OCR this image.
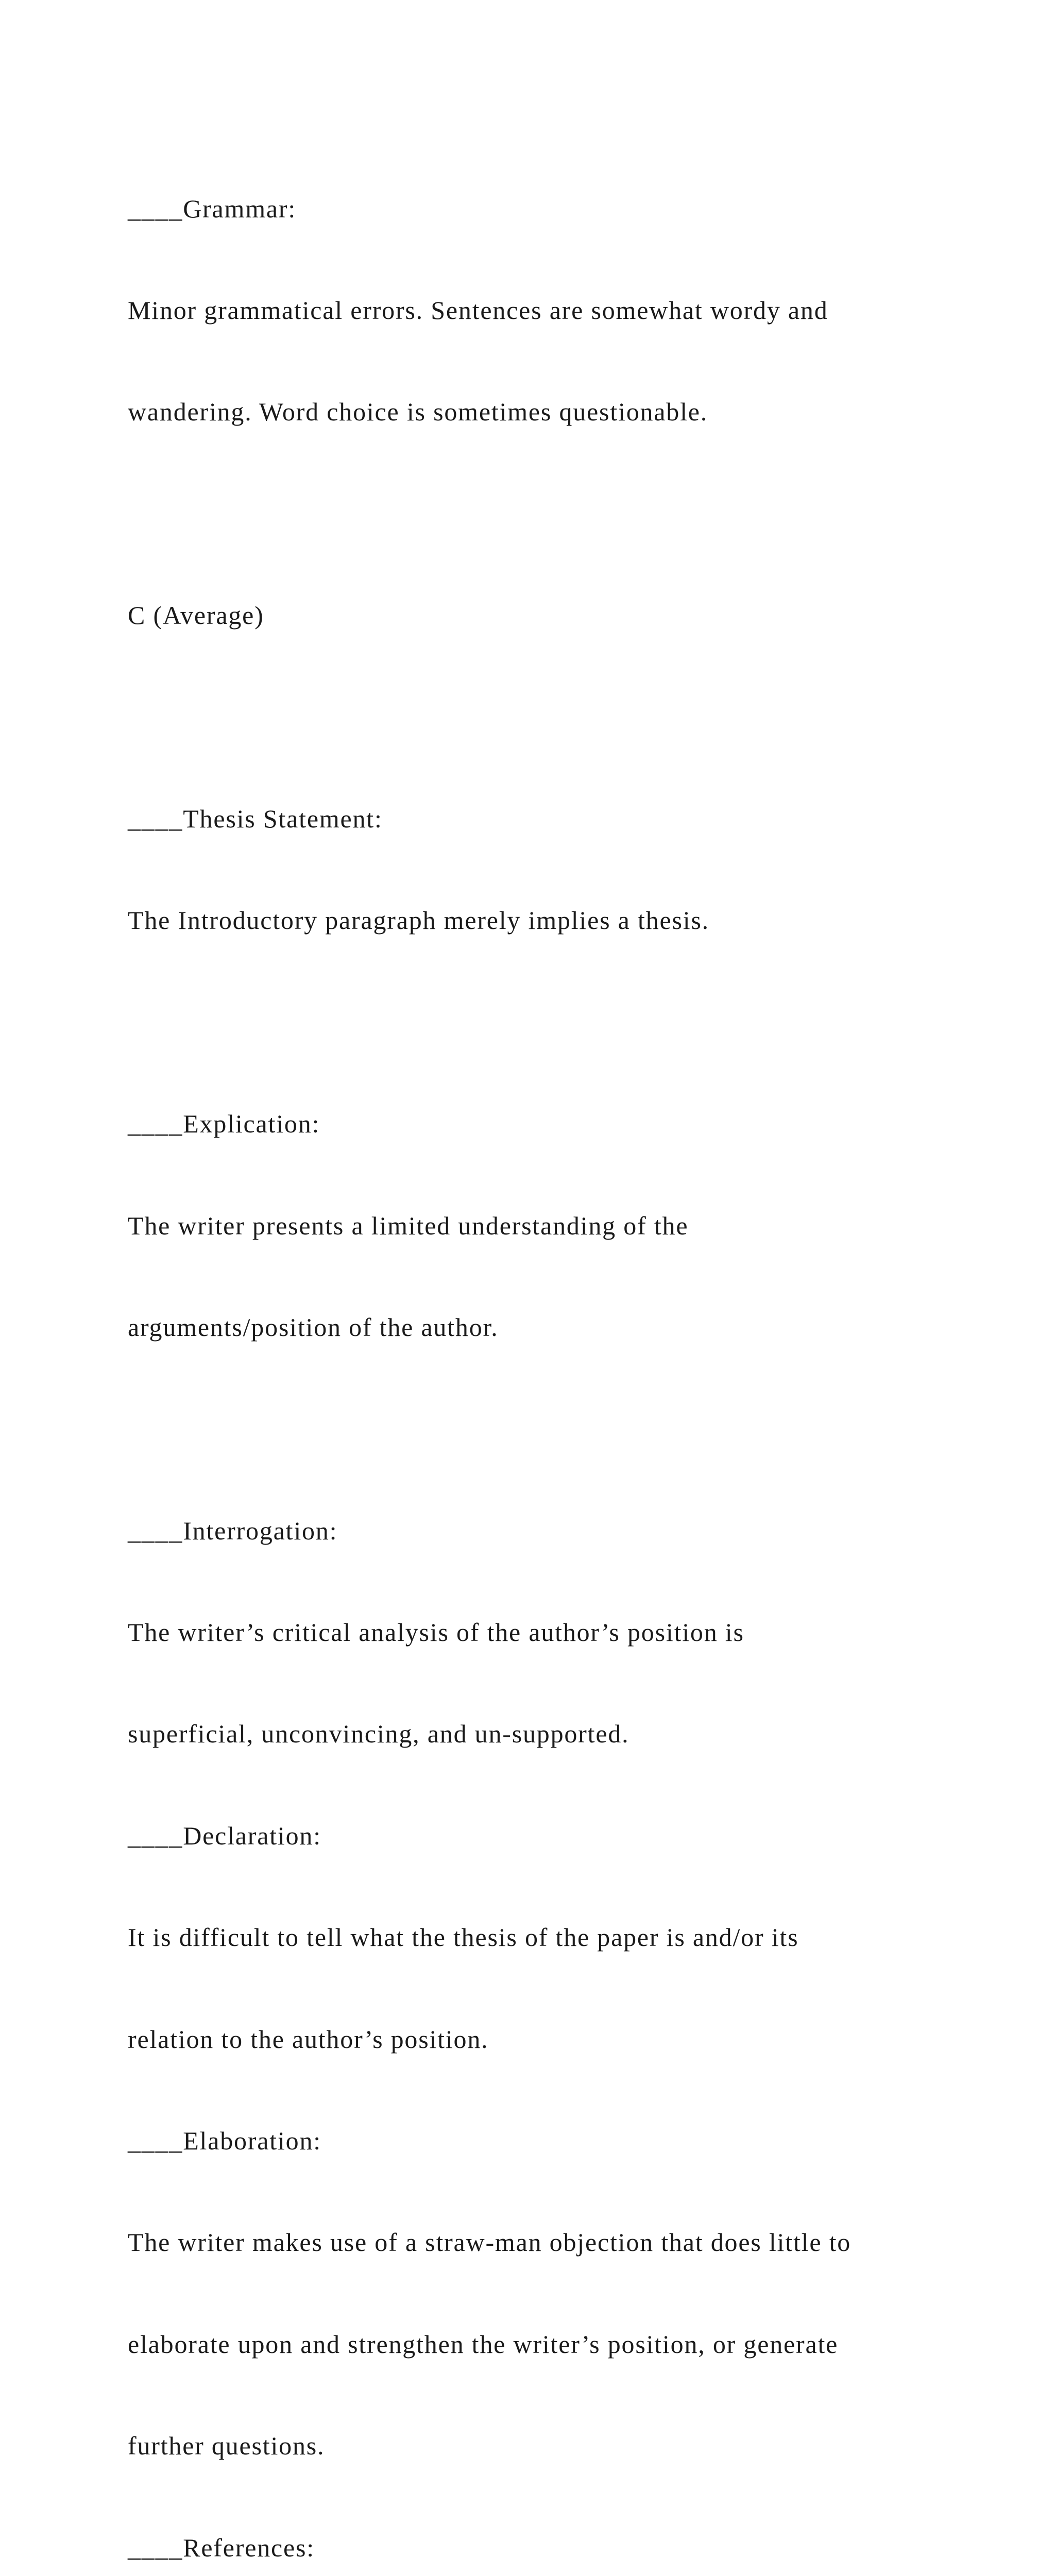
____Grammar:

Minor grammatical errors. Sentences are somewhat wordy and

wandering. Word choice is sometimes questionable.

C (Average)

____Thesis Statement:

The Introductory paragraph merely implies a thesis.

____Explication:

The writer presents a limited understanding of the

arguments/position of the author.

____Interrogation:

The writer’s critical analysis of the author’s position is

superficial, unconvincing, and un-supported.

____Declaration:

It is difficult to tell what the thesis of the paper is and/or its

relation to the author’s position.

____Elaboration:

The writer makes use of a straw-man objection that does little to

elaborate upon and strengthen the writer’s position, or generate

further questions.

____References:
